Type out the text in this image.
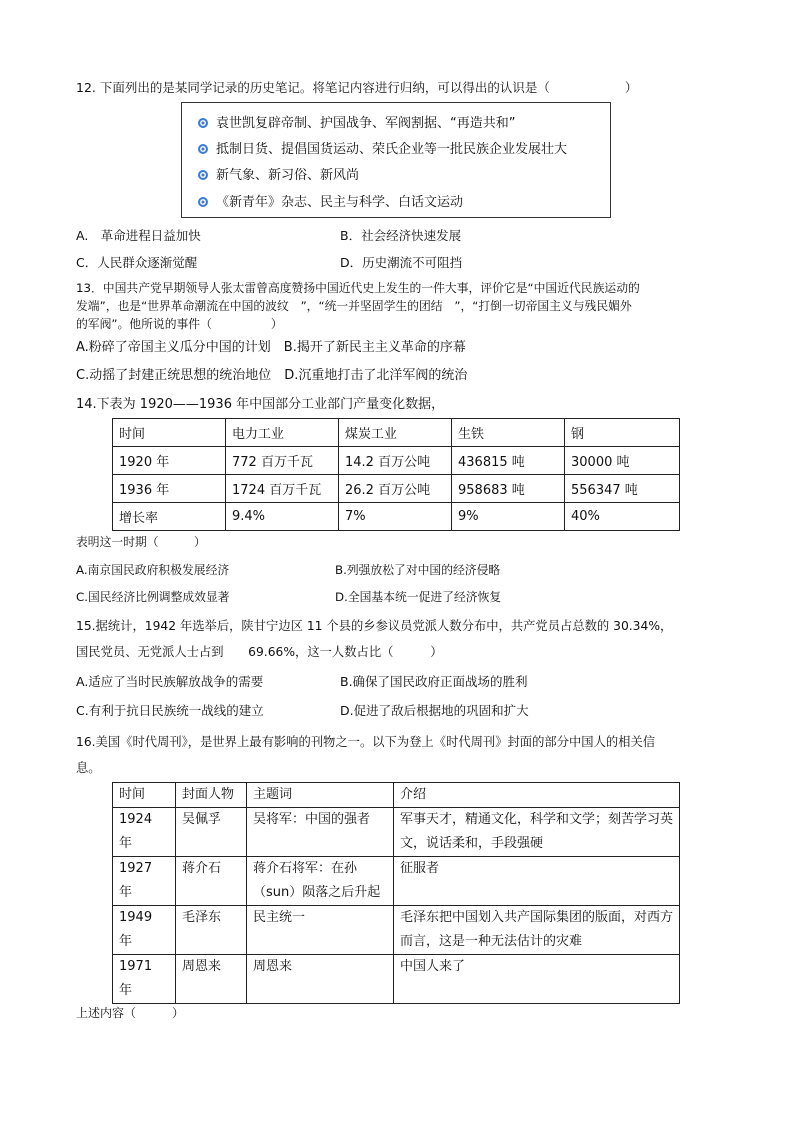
12. 下面列出的是某同学记录的历史笔记。将笔记内容进行归纳，可以得出的认识是（　　　　　　）
袁世凯复辟帝制、护国战争、军阀割据、“再造共和”
抵制日货、提倡国货运动、荣氏企业等一批民族企业发展壮大
新气象、新习俗、新风尚
《新青年》杂志、民主与科学、白话文运动
A.　革命进程日益加快	B．社会经济快速发展
C．人民群众逐渐觉醒	D．历史潮流不可阻挡
13．中国共产党早期领导人张太雷曾高度赞扬中国近代史上发生的一件大事，评价它是“中国近代民族运动的
发端”，也是“世界革命潮流在中国的波纹　”，“统一并坚固学生的团结　”，“打倒一切帝国主义与残民媚外
的军阀”。他所说的事件（　　　　　）
A.粉碎了帝国主义瓜分中国的计划　B.揭开了新民主主义革命的序幕
C.动摇了封建正统思想的统治地位　D.沉重地打击了北洋军阀的统治
14.下表为 1920——1936 年中国部分工业部门产量变化数据，
时间	电力工业	煤炭工业	生铁	钢
1920 年	772 百万千瓦	14.2 百万公吨	436815 吨	30000 吨
1936 年	1724 百万千瓦	26.2 百万公吨	958683 吨	556347 吨
增长率	9.4%	7%	9%	40%
表明这一时期（　　　）
A.南京国民政府积极发展经济	B.列强放松了对中国的经济侵略
C.国民经济比例调整成效显著	D.全国基本统一促进了经济恢复
15.据统计，1942 年选举后，陕甘宁边区 11 个县的乡参议员党派人数分布中，共产党员占总数的 30.34%，
国民党员、无党派人士占到　　69.66%，这一人数占比（　　　）
A.适应了当时民族解放战争的需要	B.确保了国民政府正面战场的胜利
C.有利于抗日民族统一战线的建立	D.促进了敌后根据地的巩固和扩大
16.美国《时代周刊》，是世界上最有影响的刊物之一。以下为登上《时代周刊》封面的部分中国人的相关信
息。
时间	封面人物	主题词	介绍
1924 年	吴佩孚	吴将军：中国的强者	军事天才，精通文化，科学和文学；刻苦学习英文，说话柔和，手段强硬
1927 年	蒋介石	蒋介石将军：在孙（sun）陨落之后升起	征服者
1949 年	毛泽东	民主统一	毛泽东把中国划入共产国际集团的版面，对西方而言，这是一种无法估计的灾难
1971 年	周恩来	周恩来	中国人来了
上述内容（　　　）
